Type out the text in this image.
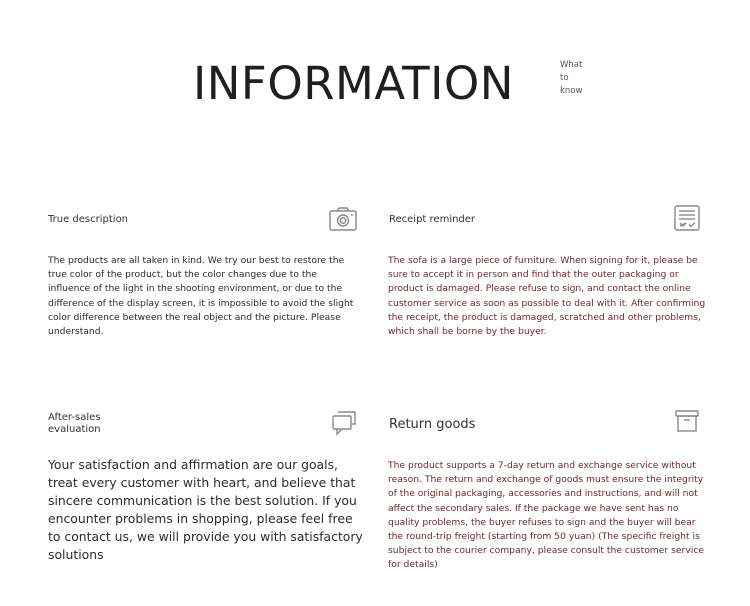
INFORMATION	What
to
know
True description
The products are all taken in kind. We try our best to restore the true color of the product, but the color changes due to the influence of the light in the shooting environment, or due to the difference of the display screen, it is impossible to avoid the slight color difference between the real object and the picture. Please understand.
Receipt reminder
The sofa is a large piece of furniture. When signing for it, please be sure to accept it in person and find that the outer packaging or product is damaged. Please refuse to sign, and contact the online customer service as soon as possible to deal with it. After confirming the receipt, the product is damaged, scratched and other problems, which shall be borne by the buyer.
After-sales
evaluation
Your satisfaction and affirmation are our goals, treat every customer with heart, and believe that sincere communication is the best solution. If you encounter problems in shopping, please feel free to contact us, we will provide you with satisfactory solutions
Return goods
The product supports a 7-day return and exchange service without reason. The return and exchange of goods must ensure the integrity of the original packaging, accessories and instructions, and will not affect the secondary sales. If the package we have sent has no quality problems, the buyer refuses to sign and the buyer will bear the round-trip freight (starting from 50 yuan) (The specific freight is subject to the courier company, please consult the customer service for details)
